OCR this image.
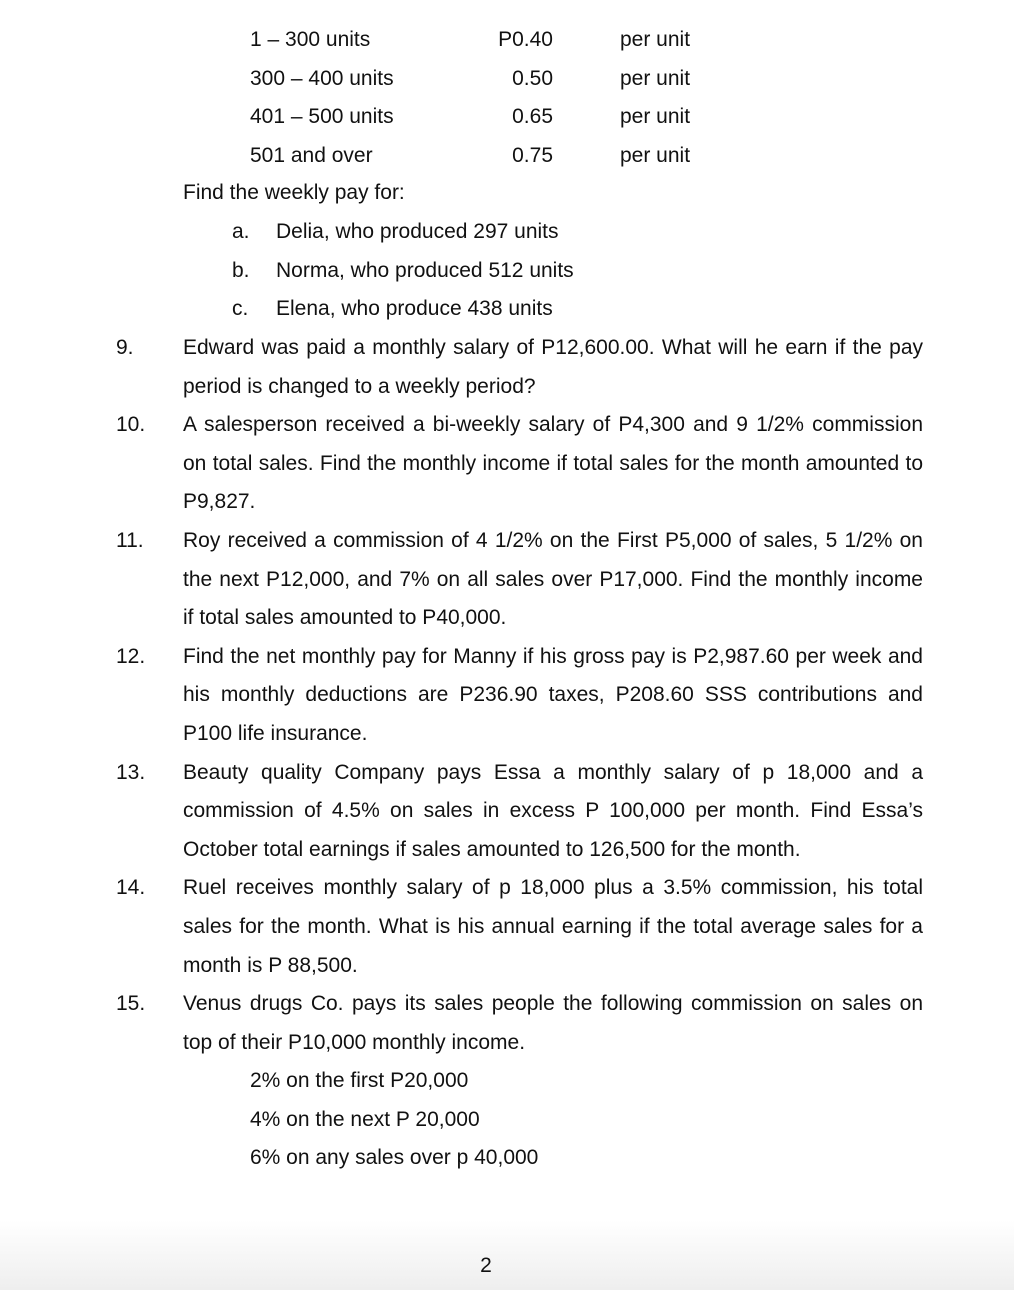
1 – 300 units	P0.40	per unit
300 – 400 units	0.50	per unit
401 – 500 units	0.65	per unit
501 and over	0.75	per unit
Find the weekly pay for:
a. Delia, who produced 297 units
b. Norma, who produced 512 units
c. Elena, who produce 438 units
9. Edward was paid a monthly salary of P12,600.00. What will he earn if the pay period is changed to a weekly period?
10. A salesperson received a bi-weekly salary of P4,300 and 9 1/2% commission on total sales. Find the monthly income if total sales for the month amounted to P9,827.
11. Roy received a commission of 4 1/2% on the First P5,000 of sales, 5 1/2% on the next P12,000, and 7% on all sales over P17,000. Find the monthly income if total sales amounted to P40,000.
12. Find the net monthly pay for Manny if his gross pay is P2,987.60 per week and his monthly deductions are P236.90 taxes, P208.60 SSS contributions and P100 life insurance.
13. Beauty quality Company pays Essa a monthly salary of p 18,000 and a commission of 4.5% on sales in excess P 100,000 per month. Find Essa’s October total earnings if sales amounted to 126,500 for the month.
14. Ruel receives monthly salary of p 18,000 plus a 3.5% commission, his total sales for the month. What is his annual earning if the total average sales for a month is P 88,500.
15. Venus drugs Co. pays its sales people the following commission on sales on top of their P10,000 monthly income.
2% on the first P20,000
4% on the next P 20,000
6% on any sales over p 40,000
2
